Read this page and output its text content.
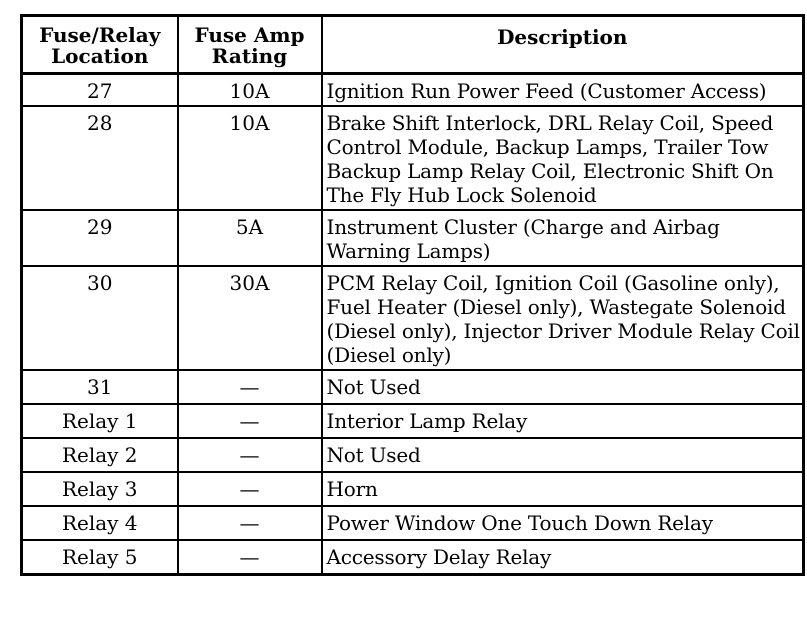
Fuse/Relay Location	Fuse Amp Rating	Description
27	10A	Ignition Run Power Feed (Customer Access)
28	10A	Brake Shift Interlock, DRL Relay Coil, Speed Control Module, Backup Lamps, Trailer Tow Backup Lamp Relay Coil, Electronic Shift On The Fly Hub Lock Solenoid
29	5A	Instrument Cluster (Charge and Airbag Warning Lamps)
30	30A	PCM Relay Coil, Ignition Coil (Gasoline only), Fuel Heater (Diesel only), Wastegate Solenoid (Diesel only), Injector Driver Module Relay Coil (Diesel only)
31	—	Not Used
Relay 1	—	Interior Lamp Relay
Relay 2	—	Not Used
Relay 3	—	Horn
Relay 4	—	Power Window One Touch Down Relay
Relay 5	—	Accessory Delay Relay
